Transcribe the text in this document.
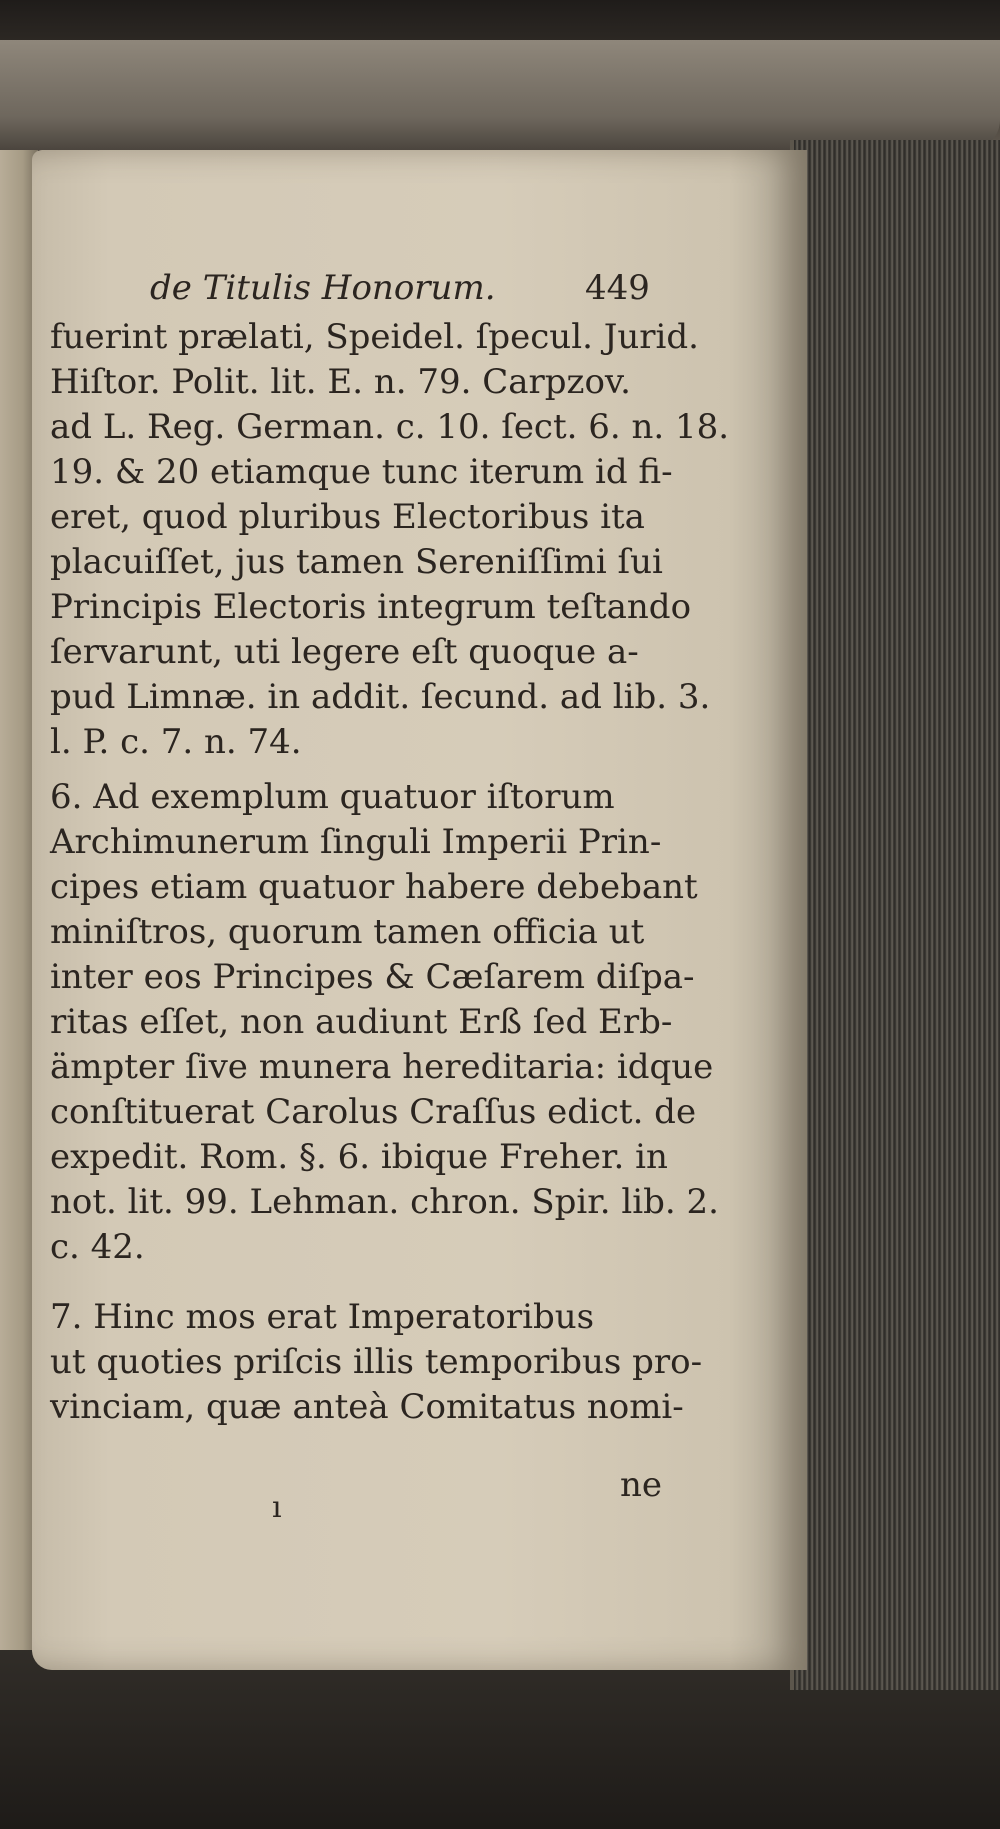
de Titulis Honorum.	449
fuerint prælati, Speidel. ſpecul. Jurid.
Hiſtor. Polit. lit. E. n. 79. Carpzov.
ad L. Reg. German. c. 10. ſect. 6. n. 18.
19. & 20 etiamque tunc iterum id fi-
eret, quod pluribus Electoribus ita
placuiſſet, jus tamen Sereniſſimi ſui
Principis Electoris integrum teſtando
ſervarunt, uti legere eſt quoque a-
pud Limnæ. in addit. ſecund. ad lib. 3.
l. P. c. 7. n. 74.
6. Ad exemplum quatuor iſtorum
Archimunerum ſinguli Imperii Prin-
cipes etiam quatuor habere debebant
miniſtros, quorum tamen officia ut
inter eos Principes & Cæſarem diſpa-
ritas eſſet, non audiunt Erß ſed Erb-
ämpter ſive munera hereditaria: idque
conſtituerat Carolus Craſſus edict. de
expedit. Rom. §. 6. ibique Freher. in
not. lit. 99. Lehman. chron. Spir. lib. 2.
c. 42.
7. Hinc mos erat Imperatoribus
ut quoties priſcis illis temporibus pro-
vinciam, quæ anteà Comitatus nomi-
ne
ı
